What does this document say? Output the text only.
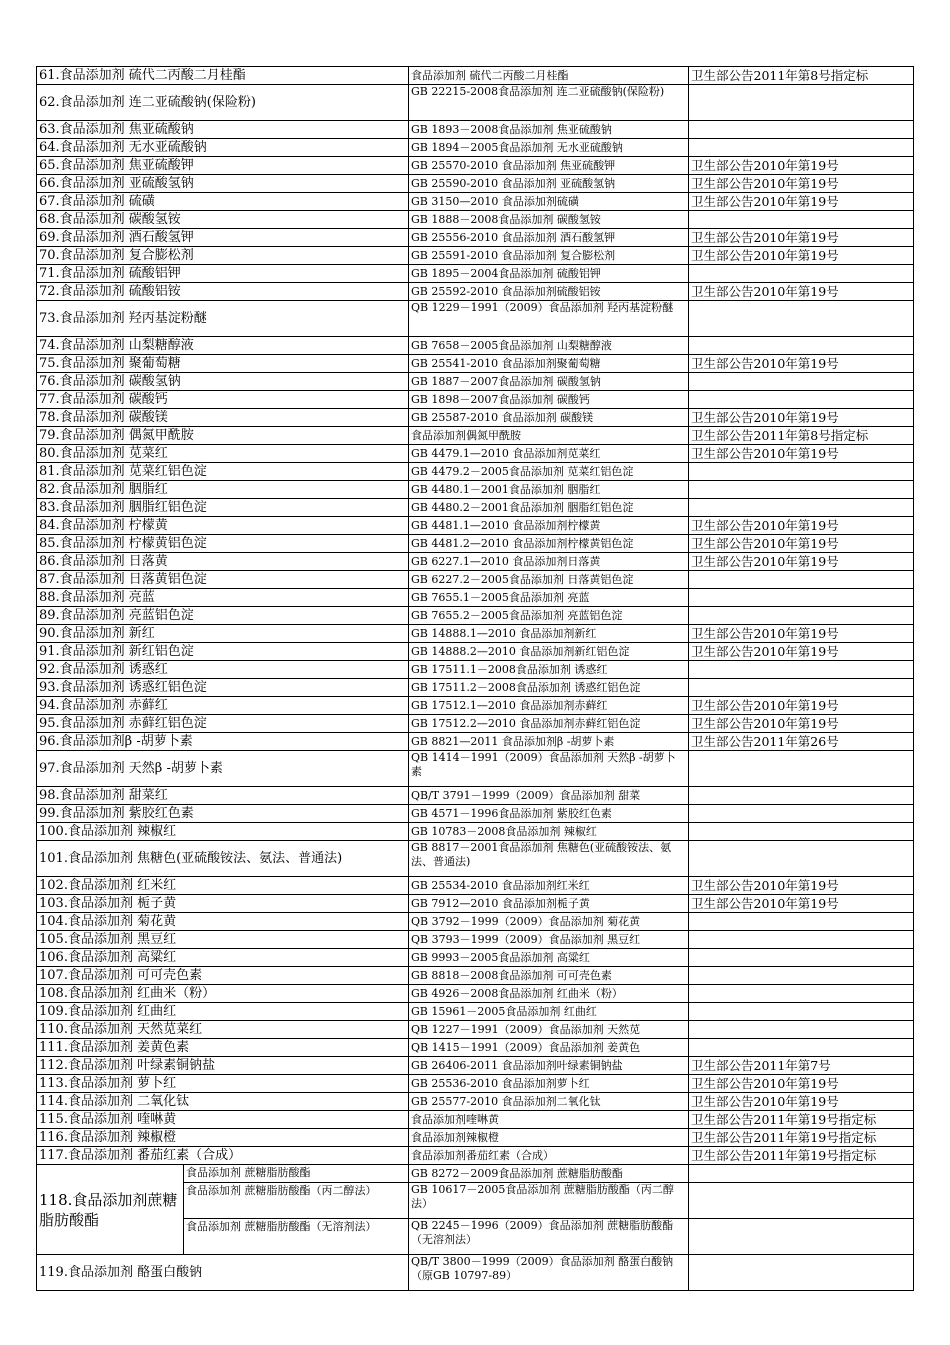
61.食品添加剂 硫代二丙酸二月桂酯		食品添加剂 硫代二丙酸二月桂酯	卫生部公告2011年第8号指定标
62.食品添加剂 连二亚硫酸钠(保险粉)		GB 22215-2008食品添加剂 连二亚硫酸钠(保险粉)	
63.食品添加剂 焦亚硫酸钠		GB 1893－2008食品添加剂 焦亚硫酸钠	
64.食品添加剂 无水亚硫酸钠		GB 1894－2005食品添加剂 无水亚硫酸钠	
65.食品添加剂 焦亚硫酸钾		GB 25570-2010 食品添加剂 焦亚硫酸钾	卫生部公告2010年第19号
66.食品添加剂 亚硫酸氢钠		GB 25590-2010 食品添加剂 亚硫酸氢钠	卫生部公告2010年第19号
67.食品添加剂 硫磺		GB 3150—2010 食品添加剂硫磺	卫生部公告2010年第19号
68.食品添加剂 碳酸氢铵		GB 1888－2008食品添加剂 碳酸氢铵	
69.食品添加剂 酒石酸氢钾		GB 25556-2010 食品添加剂 酒石酸氢钾	卫生部公告2010年第19号
70.食品添加剂 复合膨松剂		GB 25591-2010 食品添加剂 复合膨松剂	卫生部公告2010年第19号
71.食品添加剂 硫酸铝钾		GB 1895－2004食品添加剂 硫酸铝钾	
72.食品添加剂 硫酸铝铵		GB 25592-2010 食品添加剂硫酸铝铵	卫生部公告2010年第19号
73.食品添加剂 羟丙基淀粉醚		QB 1229－1991（2009）食品添加剂 羟丙基淀粉醚	
74.食品添加剂 山梨糖醇液		GB 7658－2005食品添加剂 山梨糖醇液	
75.食品添加剂 聚葡萄糖		GB 25541-2010 食品添加剂聚葡萄糖	卫生部公告2010年第19号
76.食品添加剂 碳酸氢钠		GB 1887－2007食品添加剂 碳酸氢钠	
77.食品添加剂 碳酸钙		GB 1898－2007食品添加剂 碳酸钙	
78.食品添加剂 碳酸镁		GB 25587-2010 食品添加剂 碳酸镁	卫生部公告2010年第19号
79.食品添加剂 偶氮甲酰胺		食品添加剂偶氮甲酰胺	卫生部公告2011年第8号指定标
80.食品添加剂 苋菜红		GB 4479.1—2010 食品添加剂苋菜红	卫生部公告2010年第19号
81.食品添加剂 苋菜红铝色淀		GB 4479.2－2005食品添加剂 苋菜红铝色淀	
82.食品添加剂 胭脂红		GB 4480.1－2001食品添加剂 胭脂红	
83.食品添加剂 胭脂红铝色淀		GB 4480.2－2001食品添加剂 胭脂红铝色淀	
84.食品添加剂 柠檬黄		GB 4481.1—2010 食品添加剂柠檬黄	卫生部公告2010年第19号
85.食品添加剂 柠檬黄铝色淀		GB 4481.2—2010 食品添加剂柠檬黄铝色淀	卫生部公告2010年第19号
86.食品添加剂 日落黄		GB 6227.1—2010 食品添加剂日落黄	卫生部公告2010年第19号
87.食品添加剂 日落黄铝色淀		GB 6227.2－2005食品添加剂 日落黄铝色淀	
88.食品添加剂 亮蓝		GB 7655.1－2005食品添加剂 亮蓝	
89.食品添加剂 亮蓝铝色淀		GB 7655.2－2005食品添加剂 亮蓝铝色淀	
90.食品添加剂 新红		GB 14888.1—2010 食品添加剂新红	卫生部公告2010年第19号
91.食品添加剂 新红铝色淀		GB 14888.2—2010 食品添加剂新红铝色淀	卫生部公告2010年第19号
92.食品添加剂 诱惑红		GB 17511.1－2008食品添加剂 诱惑红	
93.食品添加剂 诱惑红铝色淀		GB 17511.2－2008食品添加剂 诱惑红铝色淀	
94.食品添加剂 赤藓红		GB 17512.1—2010 食品添加剂赤藓红	卫生部公告2010年第19号
95.食品添加剂 赤藓红铝色淀		GB 17512.2—2010 食品添加剂赤藓红铝色淀	卫生部公告2010年第19号
96.食品添加剂β -胡萝卜素		GB 8821—2011 食品添加剂β -胡萝卜素	卫生部公告2011年第26号
97.食品添加剂 天然β -胡萝卜素		QB 1414－1991（2009）食品添加剂 天然β -胡萝卜素	
98.食品添加剂 甜菜红		QB/T 3791－1999（2009）食品添加剂 甜菜	
99.食品添加剂 紫胶红色素		GB 4571－1996食品添加剂 紫胶红色素	
100.食品添加剂 辣椒红		GB 10783－2008食品添加剂 辣椒红	
101.食品添加剂 焦糖色(亚硫酸铵法、氨法、普通法)		GB 8817－2001食品添加剂 焦糖色(亚硫酸铵法、氨法、普通法)	
102.食品添加剂 红米红		GB 25534-2010 食品添加剂红米红	卫生部公告2010年第19号
103.食品添加剂 栀子黄		GB 7912—2010 食品添加剂栀子黄	卫生部公告2010年第19号
104.食品添加剂 菊花黄		QB 3792－1999（2009）食品添加剂 菊花黄	
105.食品添加剂 黑豆红		QB 3793－1999（2009）食品添加剂 黑豆红	
106.食品添加剂 高粱红		GB 9993－2005食品添加剂 高粱红	
107.食品添加剂 可可壳色素		GB 8818－2008食品添加剂 可可壳色素	
108.食品添加剂 红曲米（粉）		GB 4926－2008食品添加剂 红曲米（粉）	
109.食品添加剂 红曲红		GB 15961－2005食品添加剂 红曲红	
110.食品添加剂 天然苋菜红		QB 1227－1991（2009）食品添加剂 天然苋	
111.食品添加剂 姜黄色素		QB 1415－1991（2009）食品添加剂 姜黄色	
112.食品添加剂 叶绿素铜钠盐		GB 26406-2011 食品添加剂叶绿素铜钠盐	卫生部公告2011年第7号
113.食品添加剂 萝卜红		GB 25536-2010 食品添加剂萝卜红	卫生部公告2010年第19号
114.食品添加剂 二氧化钛		GB 25577-2010 食品添加剂二氧化钛	卫生部公告2010年第19号
115.食品添加剂 喹啉黄		食品添加剂喹啉黄	卫生部公告2011年第19号指定标
116.食品添加剂 辣椒橙		食品添加剂辣椒橙	卫生部公告2011年第19号指定标
117.食品添加剂 番茄红素（合成）		食品添加剂番茄红素（合成）	卫生部公告2011年第19号指定标
118.食品添加剂蔗糖脂肪酸酯	食品添加剂 蔗糖脂肪酸酯	GB 8272－2009食品添加剂 蔗糖脂肪酸酯	
	食品添加剂 蔗糖脂肪酸酯（丙二醇法）	GB 10617－2005食品添加剂 蔗糖脂肪酸酯（丙二醇法）	
	食品添加剂 蔗糖脂肪酸酯（无溶剂法）	QB 2245－1996（2009）食品添加剂 蔗糖脂肪酸酯（无溶剂法）	
119.食品添加剂 酪蛋白酸钠		QB/T 3800－1999（2009）食品添加剂 酪蛋白酸钠（原GB 10797-89）	
